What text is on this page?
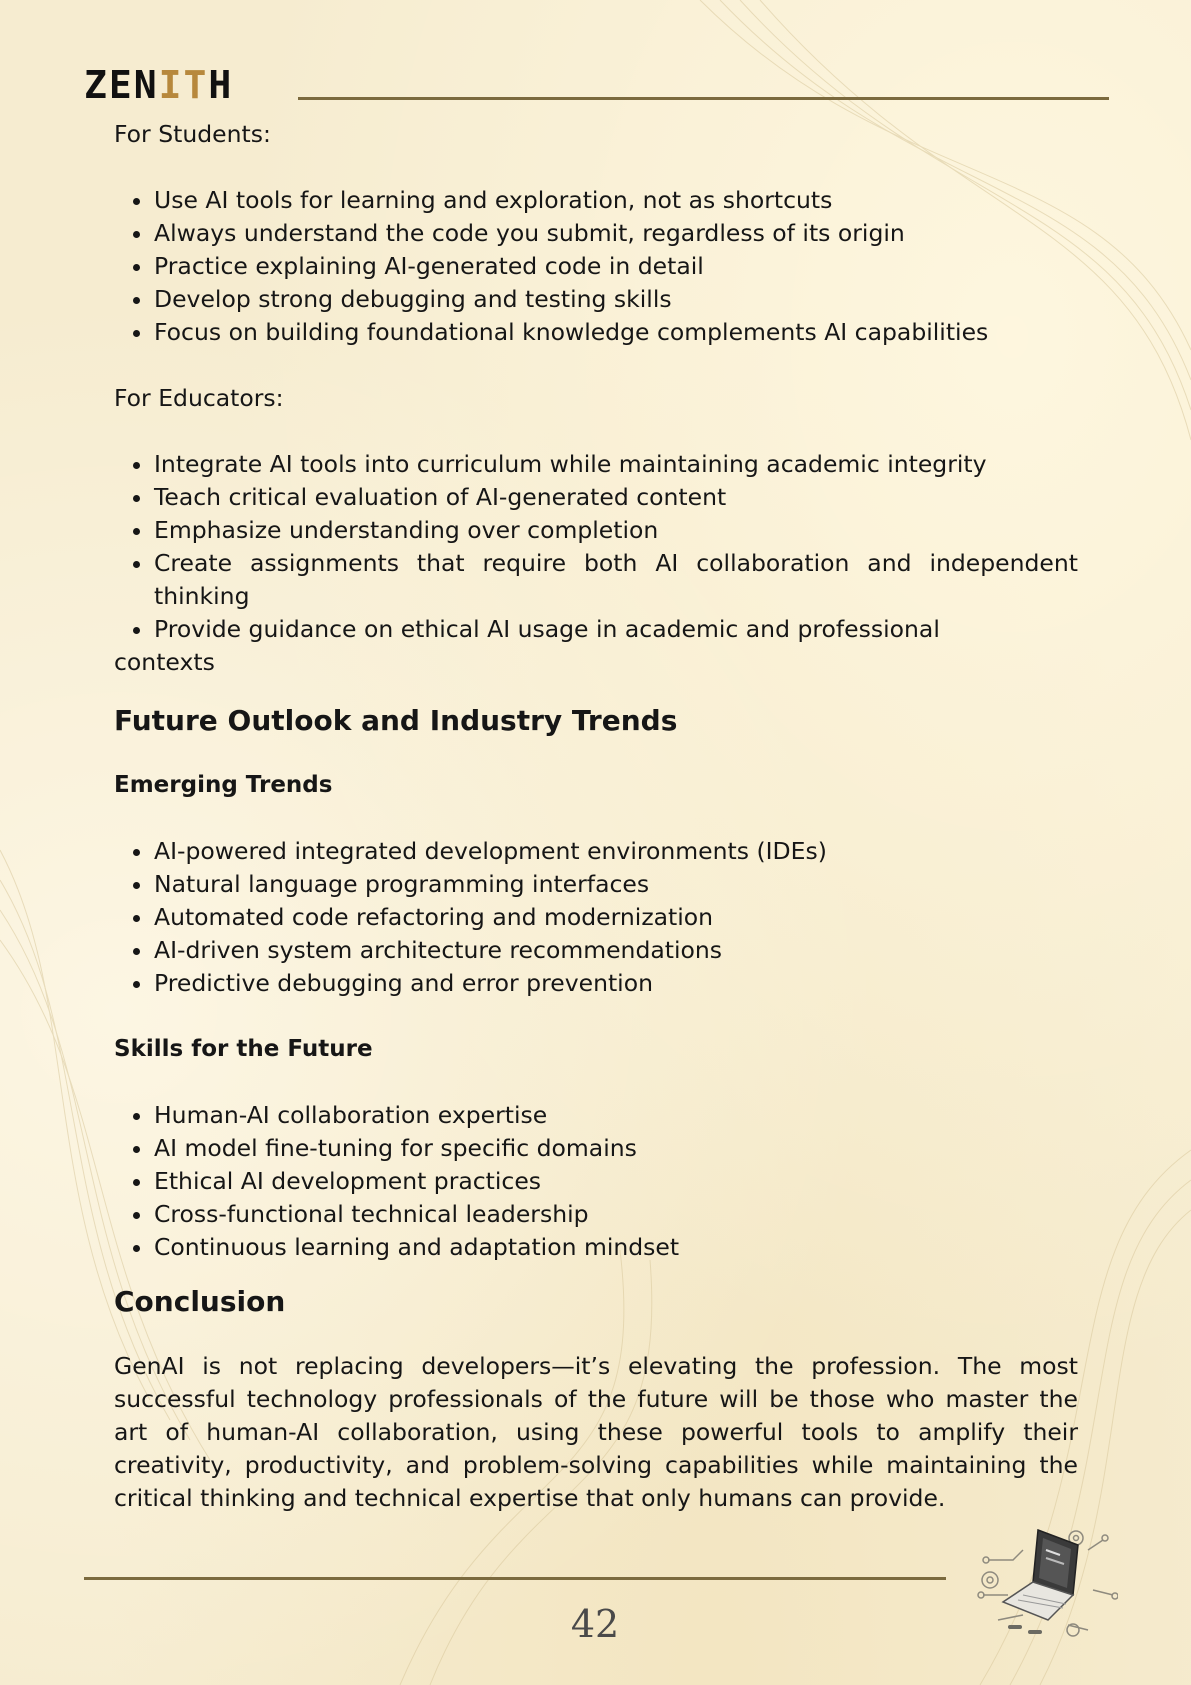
ZENITH

For Students:

• Use AI tools for learning and exploration, not as shortcuts
• Always understand the code you submit, regardless of its origin
• Practice explaining AI-generated code in detail
• Develop strong debugging and testing skills
• Focus on building foundational knowledge complements AI capabilities

For Educators:

• Integrate AI tools into curriculum while maintaining academic integrity
• Teach critical evaluation of AI-generated content
• Emphasize understanding over completion
• Create assignments that require both AI collaboration and independent thinking
• Provide guidance on ethical AI usage in academic and professional

contexts

Future Outlook and Industry Trends
Emerging Trends
• AI-powered integrated development environments (IDEs)
• Natural language programming interfaces
• Automated code refactoring and modernization
• AI-driven system architecture recommendations
• Predictive debugging and error prevention
Skills for the Future
• Human-AI collaboration expertise
• AI model fine-tuning for specific domains
• Ethical AI development practices
• Cross-functional technical leadership
• Continuous learning and adaptation mindset
Conclusion

GenAI is not replacing developers—it’s elevating the profession. The most successful technology professionals of the future will be those who master the art of human-AI collaboration, using these powerful tools to amplify their creativity, productivity, and problem-solving capabilities while maintaining the critical thinking and technical expertise that only humans can provide.

42
